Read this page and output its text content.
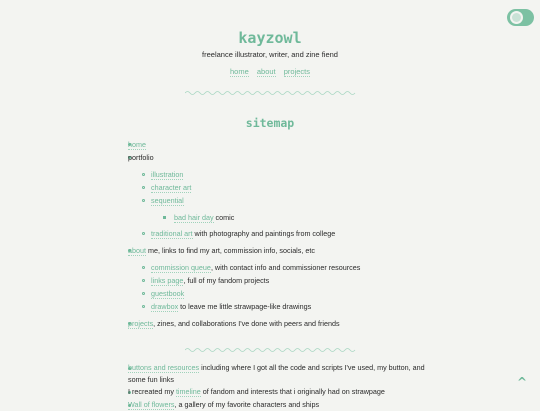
kayzowl

freelance illustrator, writer, and zine fiend

home about projects
sitemap
home
portfolio
illustration
character art
sequential
bad hair day comic
traditional art with photography and paintings from college
about me, links to find my art, commission info, socials, etc
commission queue, with contact info and commissioner resources
links page, full of my fandom projects
guestbook
drawbox to leave me little strawpage-like drawings
projects, zines, and collaborations I've done with peers and friends
buttons and resources including where I got all the code and scripts I've used, my button, and some fun links
I recreated my timeline of fandom and interests that i originally had on strawpage
Wall of flowers, a gallery of my favorite characters and ships
^
